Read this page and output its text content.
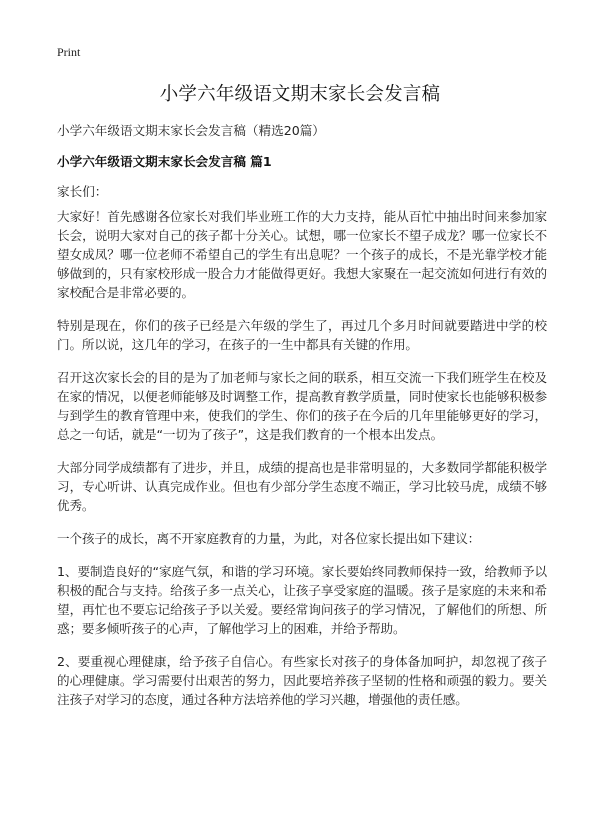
Print
小学六年级语文期末家长会发言稿
小学六年级语文期末家长会发言稿（精选20篇）
小学六年级语文期末家长会发言稿 篇1
家长们：

大家好！首先感谢各位家长对我们毕业班工作的大力支持，能从百忙中抽出时间来参加家长会，说明大家对自己的孩子都十分关心。试想，哪一位家长不望子成龙？哪一位家长不望女成凤？哪一位老师不希望自己的学生有出息呢？一个孩子的成长，不是光靠学校才能够做到的，只有家校形成一股合力才能做得更好。我想大家聚在一起交流如何进行有效的家校配合是非常必要的。

特别是现在，你们的孩子已经是六年级的学生了，再过几个多月时间就要踏进中学的校门。所以说，这几年的学习，在孩子的一生中都具有关键的作用。

召开这次家长会的目的是为了加老师与家长之间的联系，相互交流一下我们班学生在校及在家的情况，以便老师能够及时调整工作，提高教育教学质量，同时使家长也能够积极参与到学生的教育管理中来，使我们的学生、你们的孩子在今后的几年里能够更好的学习，总之一句话，就是“一切为了孩子”，这是我们教育的一个根本出发点。

大部分同学成绩都有了进步，并且，成绩的提高也是非常明显的，大多数同学都能积极学习，专心听讲、认真完成作业。但也有少部分学生态度不端正，学习比较马虎，成绩不够优秀。

一个孩子的成长，离不开家庭教育的力量，为此，对各位家长提出如下建议：

1、要制造良好的“家庭气氛，和谐的学习环境。家长要始终同教师保持一致，给教师予以积极的配合与支持。给孩子多一点关心，让孩子享受家庭的温暖。孩子是家庭的未来和希望，再忙也不要忘记给孩子予以关爱。要经常询问孩子的学习情况，了解他们的所想、所惑；要多倾听孩子的心声，了解他学习上的困难，并给予帮助。

2、要重视心理健康，给予孩子自信心。有些家长对孩子的身体备加呵护，却忽视了孩子的心理健康。学习需要付出艰苦的努力，因此要培养孩子坚韧的性格和顽强的毅力。要关注孩子对学习的态度，通过各种方法培养他的学习兴趣，增强他的责任感。
